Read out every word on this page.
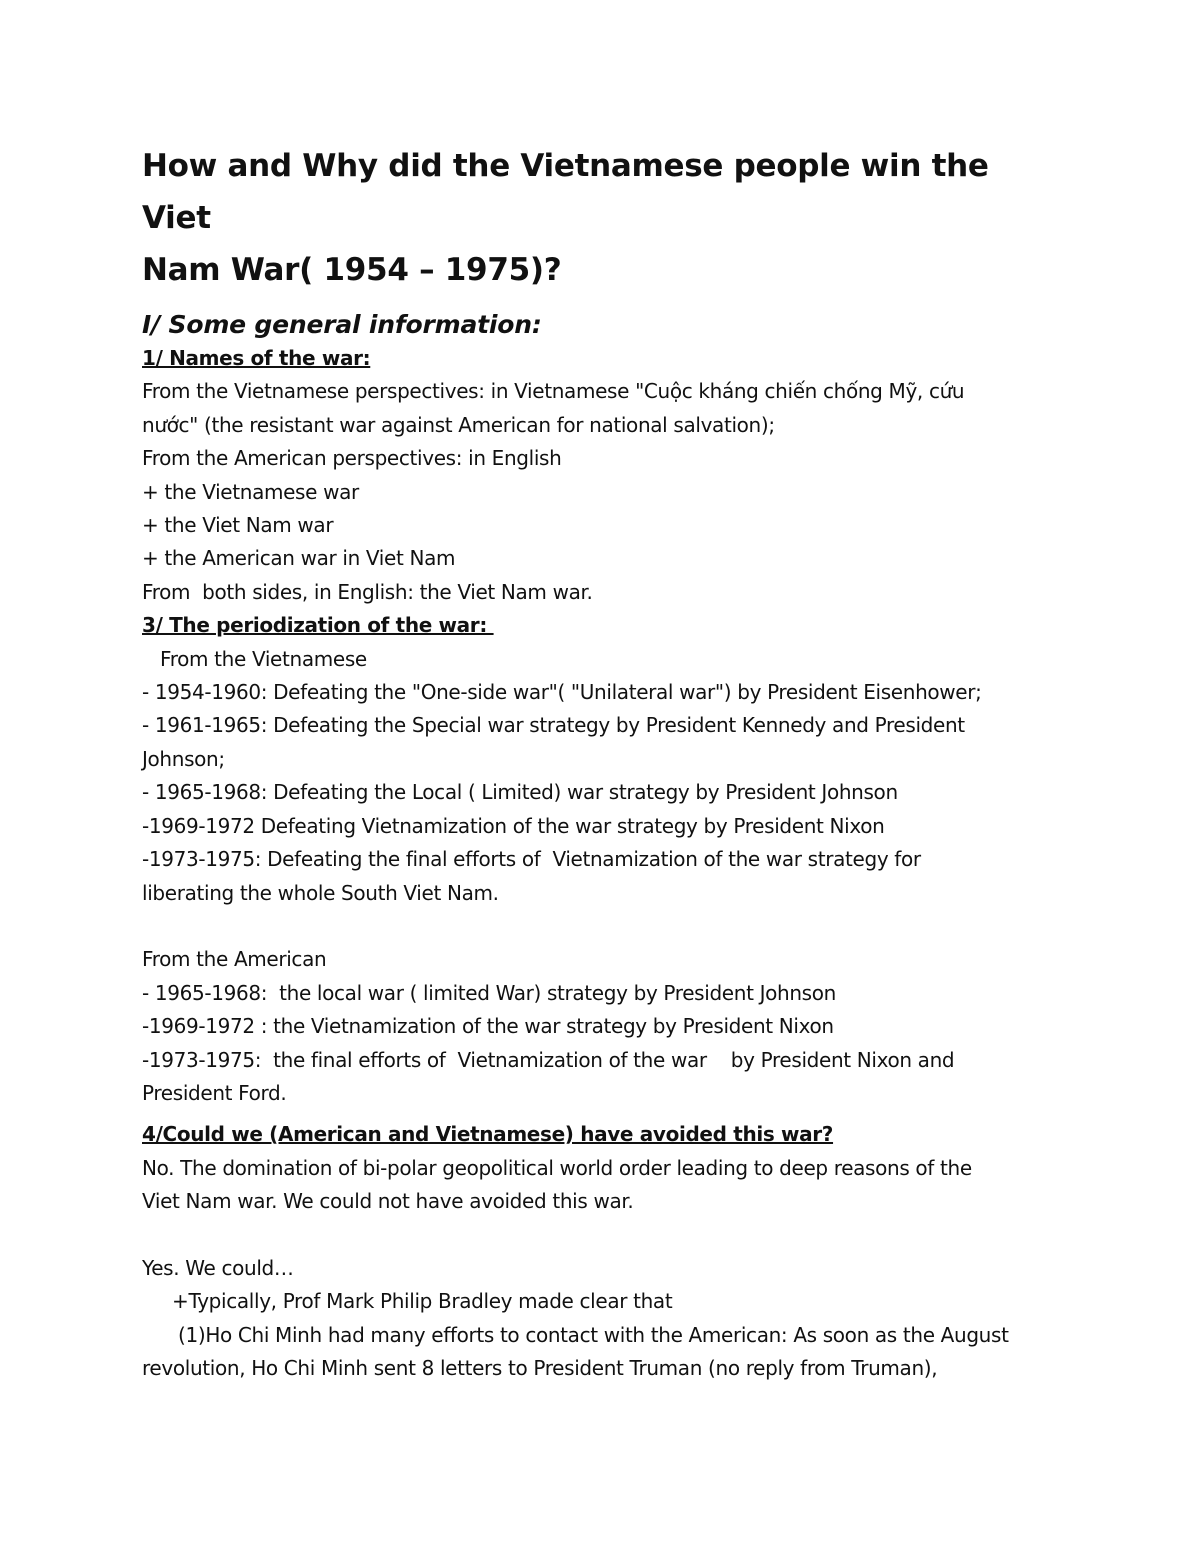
How and Why did the Vietnamese people win the Viet

Nam War( 1954 – 1975)?

I/ Some general information:

1/ Names of the war:

From the Vietnamese perspectives: in Vietnamese "Cuộc kháng chiến chống Mỹ, cứu

nước" (the resistant war against American for national salvation);

From the American perspectives: in English

+ the Vietnamese war

+ the Viet Nam war

+ the American war in Viet Nam

From  both sides, in English: the Viet Nam war.

3/ The periodization of the war:

From the Vietnamese

- 1954-1960: Defeating the "One-side war"( "Unilateral war") by President Eisenhower;

- 1961-1965: Defeating the Special war strategy by President Kennedy and President

Johnson;

- 1965-1968: Defeating the Local ( Limited) war strategy by President Johnson

-1969-1972 Defeating Vietnamization of the war strategy by President Nixon

-1973-1975: Defeating the final efforts of  Vietnamization of the war strategy for

liberating the whole South Viet Nam.

From the American

- 1965-1968:  the local war ( limited War) strategy by President Johnson

-1969-1972 : the Vietnamization of the war strategy by President Nixon

-1973-1975:  the final efforts of  Vietnamization of the war    by President Nixon and

President Ford.

4/Could we (American and Vietnamese) have avoided this war?

No. The domination of bi-polar geopolitical world order leading to deep reasons of the

Viet Nam war. We could not have avoided this war.

Yes. We could…

+Typically, Prof Mark Philip Bradley made clear that

(1)Ho Chi Minh had many efforts to contact with the American: As soon as the August

revolution, Ho Chi Minh sent 8 letters to President Truman (no reply from Truman),
